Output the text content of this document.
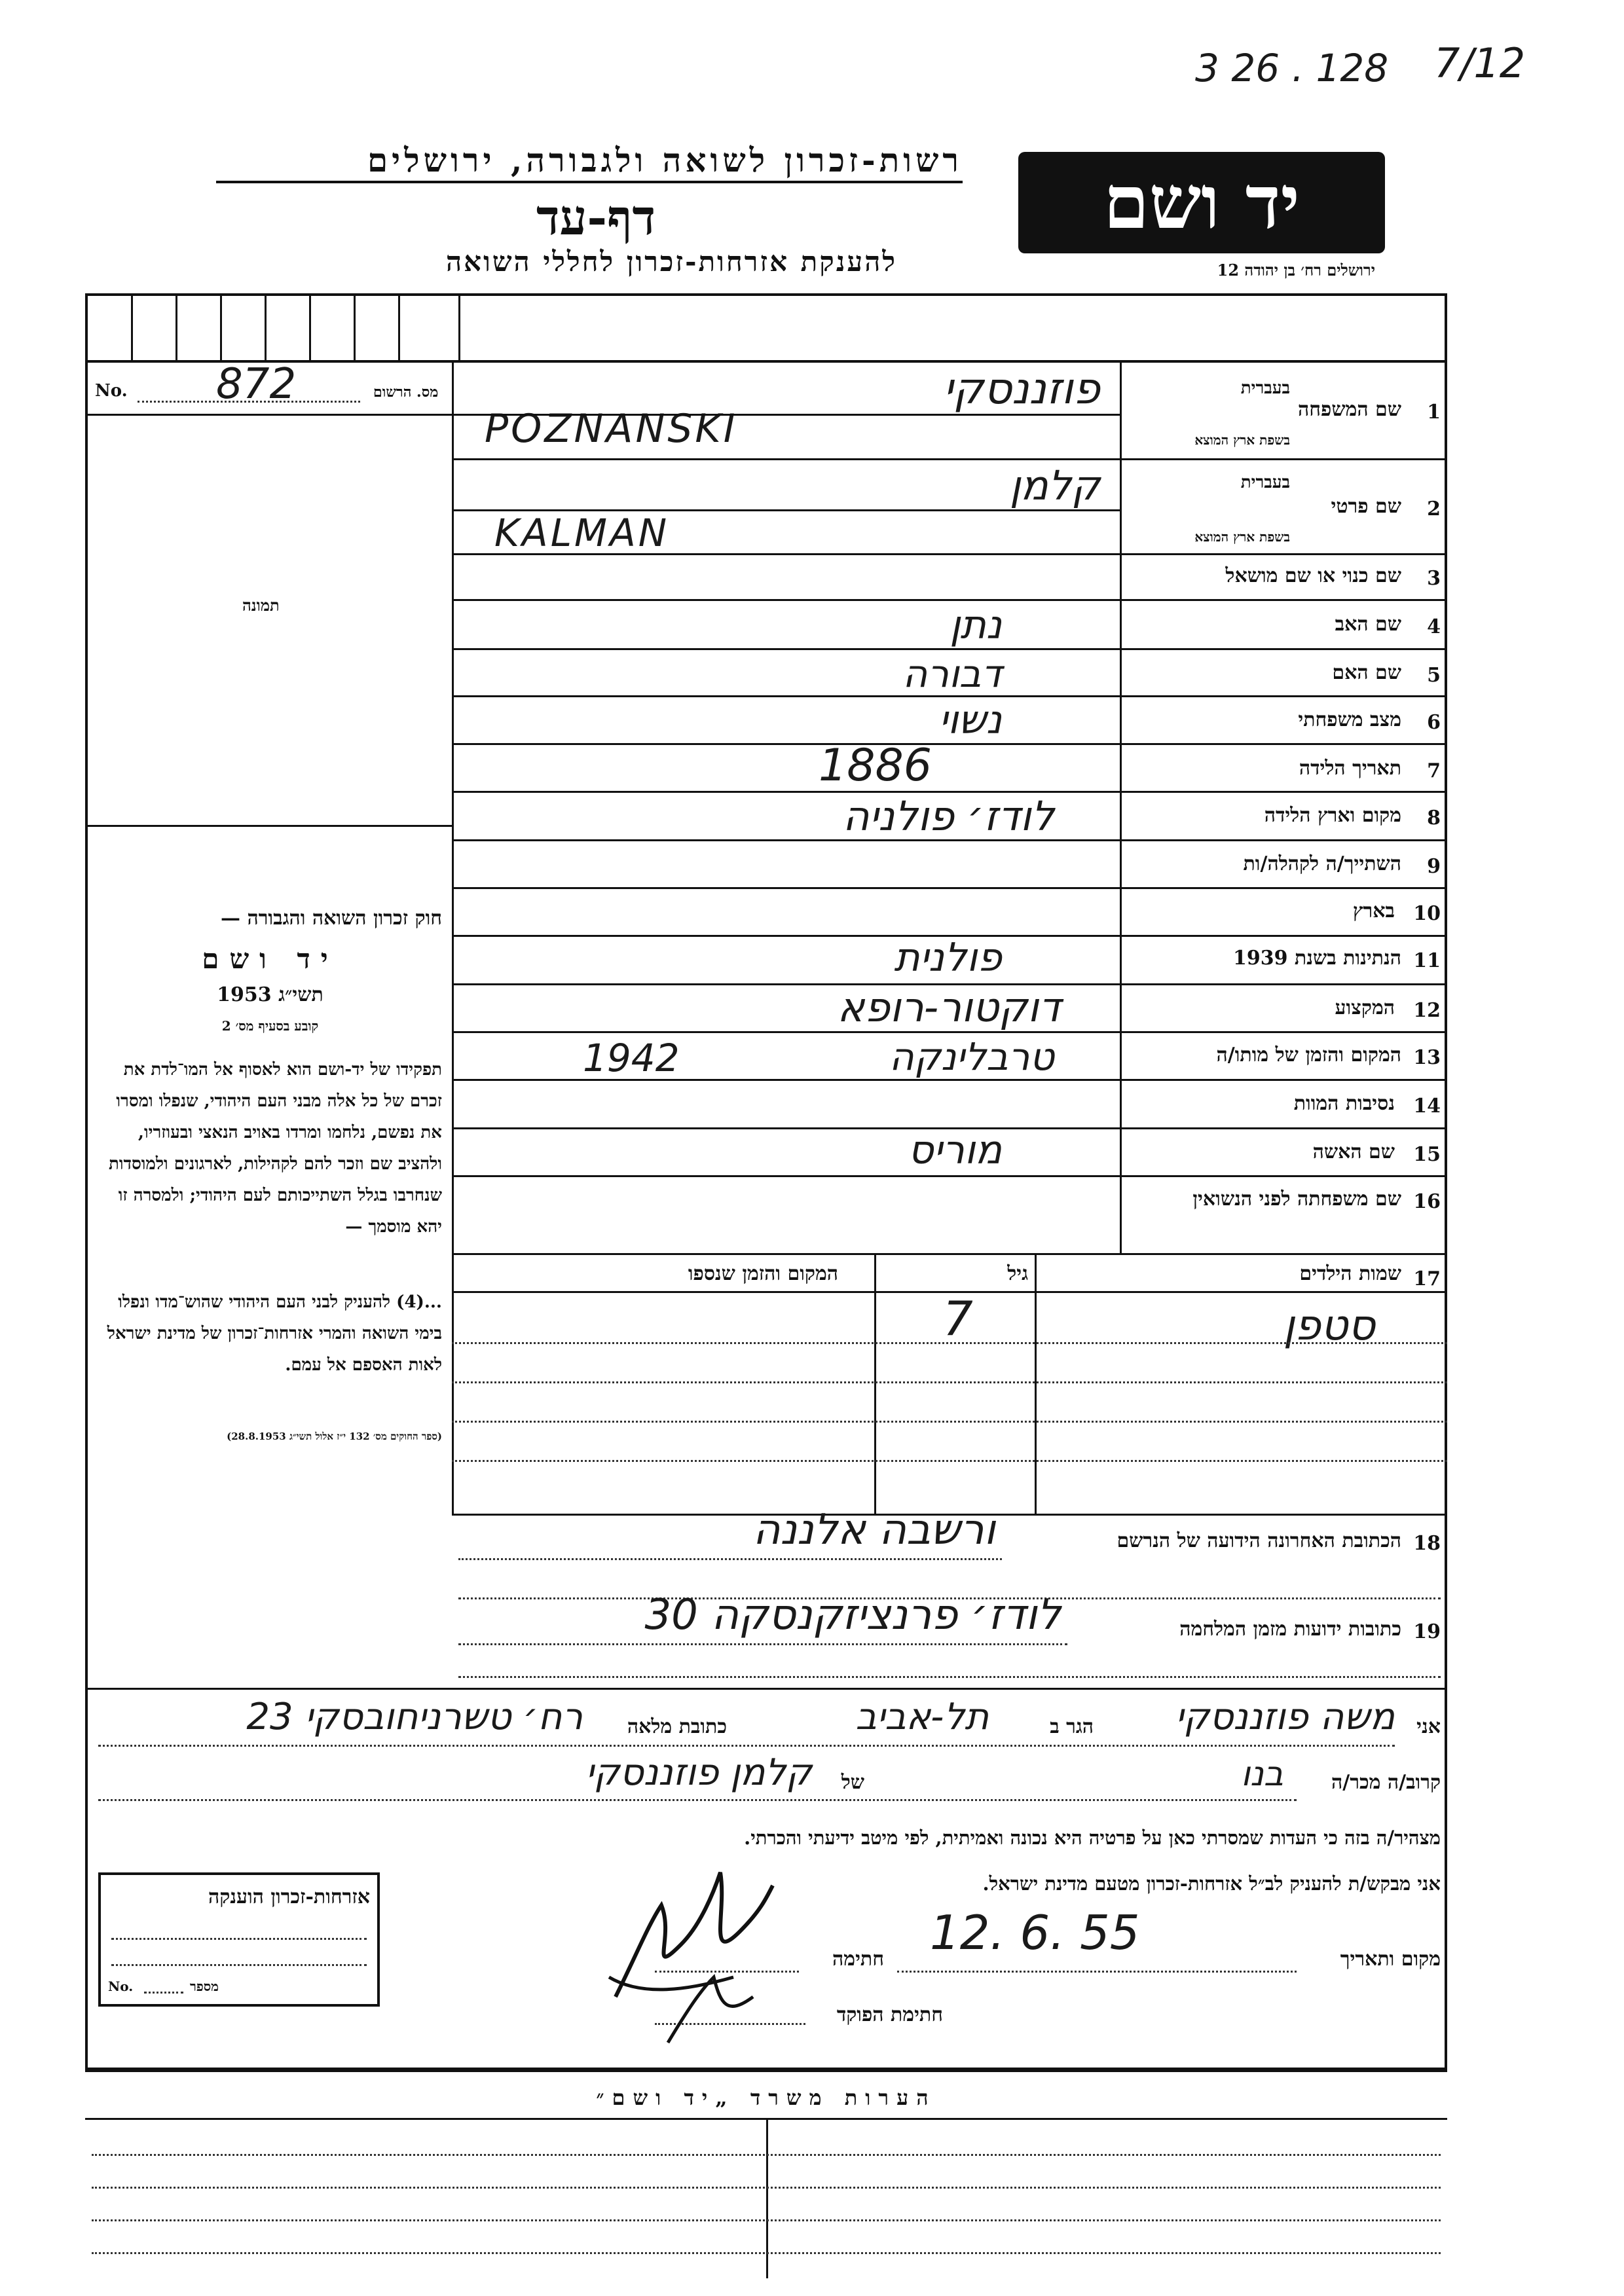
3 26 . 128 7/12
רשות-זכרון לשואה ולגבורה, ירושלים
דף-עד
להענקת אזרחות-זכרון לחללי השואה
יד ושם
ירושלים רח׳ בן יהודה 12
No. 872	מס. הרשום
תמונה
חוק זכרון השואה והגבורה —
יד ושם
תשי״ג 1953
קובע בסעיף מס׳ 2
תפקידו של יד-ושם הוא לאסוף אל המו־לדת את זכרם של כל אלה מבני העם היהודי, שנפלו ומסרו את נפשם, נלחמו ומרדו באויב הנאצי ובעוזריו, ולהציב שם וזכר להם לקהילות, לארגונים ולמוסדות שנחרבו בגלל השתייכותם לעם היהודי; ולמסרה זו יהא מוסמך —
...(4) להעניק לבני העם היהודי שהוש־מדו ונפלו בימי השואה והמרי אזרחות־זכרון של מדינת ישראל לאות האספם אל עמם.
(ספר החוקים מס׳ 132 י״ז אלול תשי״ג 28.8.1953)
1
שם המשפחה
בעברית
בשפת ארץ המוצא
פוזננסקי
POZNANSKI
2
שם פרטי
בעברית
בשפת ארץ המוצא
קלמן
KALMAN
3
שם כנוי או שם מושאל
4
שם האב
נתן
5
שם האם
דבורה
6
מצב משפחתי
נשוי
7
תאריך הלידה
1886
8
מקום וארץ הלידה
לודז׳ פולניה
9
השתייך/ה לקהלה/ות
10
בארץ
11
הנתינות בשנת 1939
פולנית
12
המקצוע
דוקטור-רופא
13
המקום והזמן של מותו/ה
טרבלינקה
1942
14
נסיבות המוות
15
שם האשה
מוריס
16
שם משפחתה לפני הנשואין
17
שמות הילדים
גיל
המקום והזמן שנספו
סטפן
7
18
הכתובת האחרונה הידועה של הנרשם
ורשבה אלננה
19
כתובות ידועות מזמן המלחמה
לודז׳ פרנציזקנסקה 30
אני
משה פוזננסקי
הגר ב
תל-אביב
כתובת מלאה
רח׳ טשרניחובסקי 23
קרוב/ה מכר/ה
בנו
של
קלמן פוזננסקי
מצהיר/ה בזה כי העדות שמסרתי כאן על פרטיה היא נכונה ואמיתית, לפי מיטב ידיעתי והכרתי.
אני מבקש/ת להעניק לב״ל אזרחות-זכרון מטעם מדינת ישראל.
מקום ותאריך
12. 6. 55
חתימה
חתימת הפוקד
אזרחות-זכרון הוענקה
No.	מספר
הערות משרד „יד ושם״
